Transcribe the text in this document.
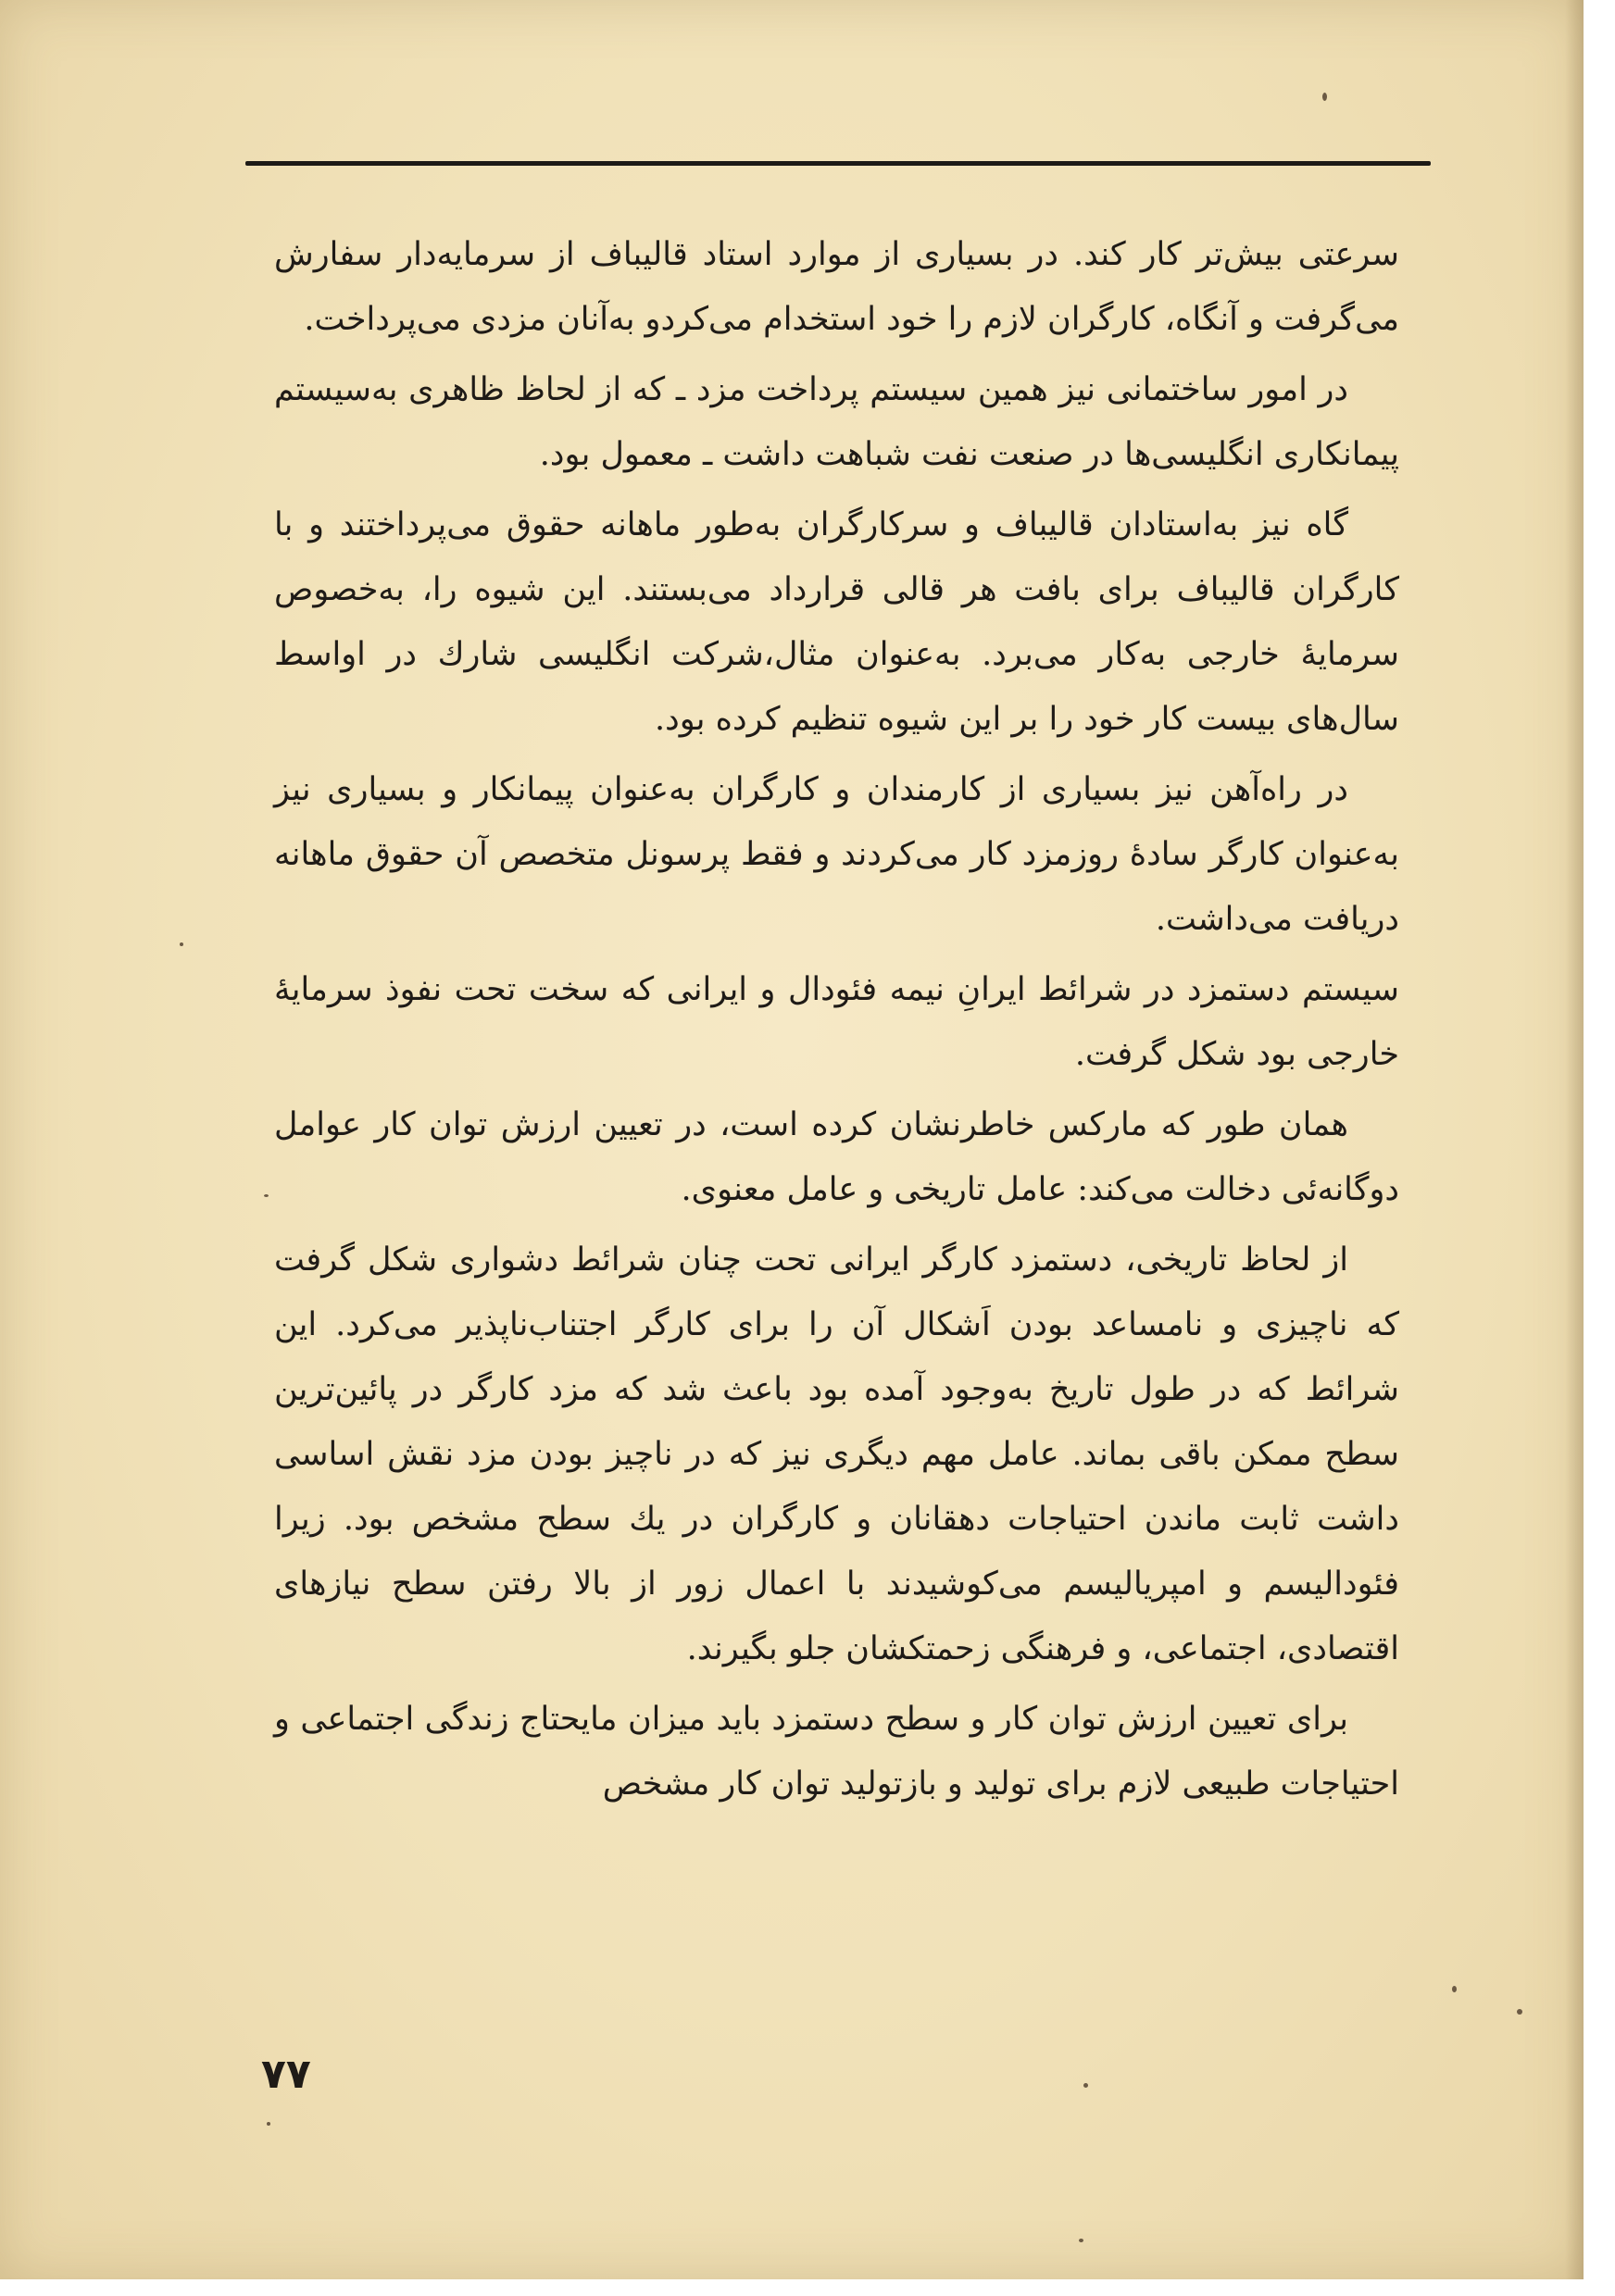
سرعتی بیش‌تر کار کند. در بسیاری از موارد استاد قالیباف از سرمایه‌دار سفارش می‌گرفت و آنگاه، کارگران لازم را خود استخدام می‌کردو به‌آنان مزدی می‌پرداخت.

در امور ساختمانی نیز همین سیستم پرداخت مزد ـ که از لحاظ ظاهری به‌سیستم پیمانکاری انگلیسی‌ها در صنعت نفت شباهت داشت ـ معمول بود.

گاه نیز به‌استادان قالیباف و سرکارگران به‌طور ماهانه حقوق می‌پرداختند و با کارگران قالیباف برای بافت هر قالی قرارداد می‌بستند. این شیوه را، به‌خصوص سرمایهٔ خارجی به‌کار می‌برد. به‌عنوان مثال،شرکت انگلیسی شارك در اواسط سال‌های بیست کار خود را بر این شیوه تنظیم کرده بود.

در راه‌آهن نیز بسیاری از کارمندان و کارگران به‌عنوان پیمانکار و بسیاری نیز به‌عنوان کارگر سادهٔ روزمزد کار می‌کردند و فقط پرسونل متخصص آن حقوق ماهانه دریافت می‌داشت.

سیستم دستمزد در شرائط ایرانِ نیمه فئودال و ایرانی که سخت تحت نفوذ سرمایهٔ خارجی بود شکل گرفت.

همان طور که مارکس خاطرنشان کرده است، در تعیین ارزش توان کار عوامل دوگانه‌ئی دخالت می‌کند: عامل تاریخی و عامل معنوی.

از لحاظ تاریخی، دستمزد کارگر ایرانی تحت چنان شرائط دشواری شکل گرفت که ناچیزی و نامساعد بودن اَشکال آن را برای کارگر اجتناب‌ناپذیر می‌کرد. این شرائط که در طول تاریخ به‌وجود آمده بود باعث شد که مزد کارگر در پائین‌ترین سطح ممکن باقی بماند. عامل مهم دیگری نیز که در ناچیز بودن مزد نقش اساسی داشت ثابت ماندن احتیاجات دهقانان و کارگران در یك سطح مشخص بود. زیرا فئودالیسم و امپریالیسم می‌کوشیدند با اعمال زور از بالا رفتن سطح نیازهای اقتصادی، اجتماعی، و فرهنگی زحمتکشان جلو بگیرند.

برای تعیین ارزش توان کار و سطح دستمزد باید میزان مایحتاج زندگی اجتماعی و احتیاجات طبیعی لازم برای تولید و بازتولید توان کار مشخص

۷۷
